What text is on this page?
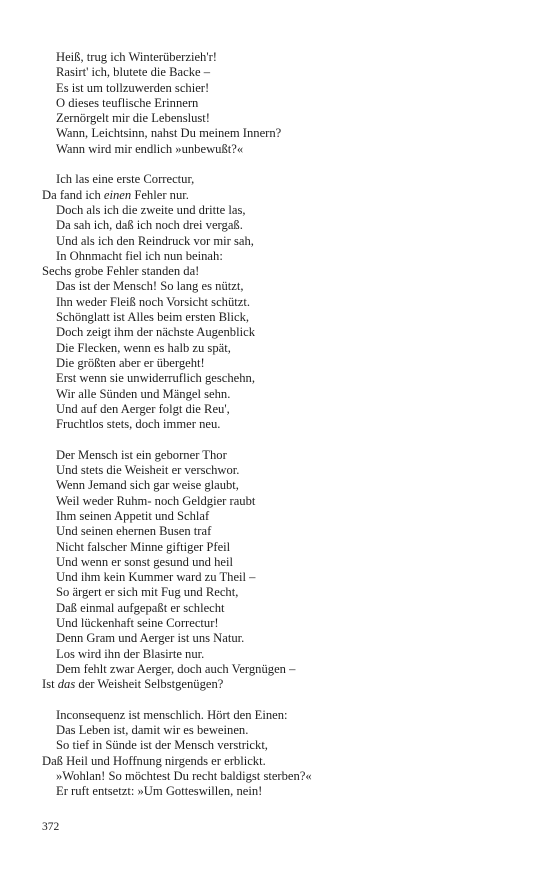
Heiß, trug ich Winterüberzieh'r!
Rasirt' ich, blutete die Backe –
Es ist um tollzuwerden schier!
O dieses teuflische Erinnern
Zernörgelt mir die Lebenslust!
Wann, Leichtsinn, nahst Du meinem Innern?
Wann wird mir endlich »unbewußt?«
Ich las eine erste Correctur,
Da fand ich einen Fehler nur.
Doch als ich die zweite und dritte las,
Da sah ich, daß ich noch drei vergaß.
Und als ich den Reindruck vor mir sah,
In Ohnmacht fiel ich nun beinah:
Sechs grobe Fehler standen da!
Das ist der Mensch! So lang es nützt,
Ihn weder Fleiß noch Vorsicht schützt.
Schönglatt ist Alles beim ersten Blick,
Doch zeigt ihm der nächste Augenblick
Die Flecken, wenn es halb zu spät,
Die größten aber er übergeht!
Erst wenn sie unwiderruflich geschehn,
Wir alle Sünden und Mängel sehn.
Und auf den Aerger folgt die Reu',
Fruchtlos stets, doch immer neu.
Der Mensch ist ein geborner Thor
Und stets die Weisheit er verschwor.
Wenn Jemand sich gar weise glaubt,
Weil weder Ruhm- noch Geldgier raubt
Ihm seinen Appetit und Schlaf
Und seinen ehernen Busen traf
Nicht falscher Minne giftiger Pfeil
Und wenn er sonst gesund und heil
Und ihm kein Kummer ward zu Theil –
So ärgert er sich mit Fug und Recht,
Daß einmal aufgepaßt er schlecht
Und lückenhaft seine Correctur!
Denn Gram und Aerger ist uns Natur.
Los wird ihn der Blasirte nur.
Dem fehlt zwar Aerger, doch auch Vergnügen –
Ist das der Weisheit Selbstgenügen?
Inconsequenz ist menschlich. Hört den Einen:
Das Leben ist, damit wir es beweinen.
So tief in Sünde ist der Mensch verstrickt,
Daß Heil und Hoffnung nirgends er erblickt.
»Wohlan! So möchtest Du recht baldigst sterben?«
Er ruft entsetzt: »Um Gotteswillen, nein!
372
